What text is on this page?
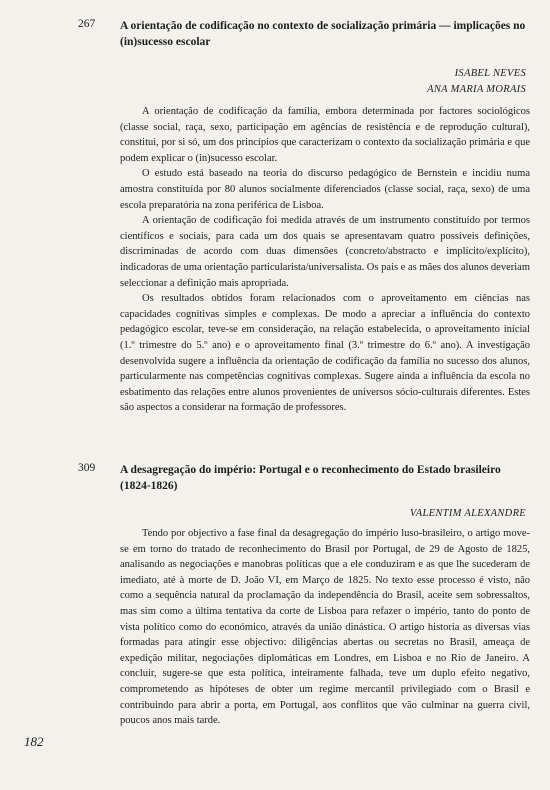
267 A orientação de codificação no contexto de socialização primária — implicações no (in)sucesso escolar
ISABEL NEVES
ANA MARIA MORAIS

A orientação de codificação da família, embora determinada por factores sociológicos (classe social, raça, sexo, participação em agências de resistência e de reprodução cultural), constitui, por si só, um dos princípios que caracterizam o contexto da socialização primária e que podem explicar o (in)sucesso escolar.

O estudo está baseado na teoria do discurso pedagógico de Bernstein e incidiu numa amostra constituída por 80 alunos socialmente diferenciados (classe social, raça, sexo) de uma escola preparatória na zona periférica de Lisboa.

A orientação de codificação foi medida através de um instrumento constituído por termos científicos e sociais, para cada um dos quais se apresentavam quatro possíveis definições, discriminadas de acordo com duas dimensões (concreto/abstracto e implícito/explícito), indicadoras de uma orientação particularista/universalista. Os pais e as mães dos alunos deveriam seleccionar a definição mais apropriada.

Os resultados obtidos foram relacionados com o aproveitamento em ciências nas capacidades cognitivas simples e complexas. De modo a apreciar a influência do contexto pedagógico escolar, teve-se em consideração, na relação estabelecida, o aproveitamento inicial (1.º trimestre do 5.º ano) e o aproveitamento final (3.º trimestre do 6.º ano). A investigação desenvolvida sugere a influência da orientação de codificação da família no sucesso dos alunos, particularmente nas competências cognitivas complexas. Sugere ainda a influência da escola no esbatimento das relações entre alunos provenientes de universos sócio-culturais diferentes. Estes são aspectos a considerar na formação de professores.

309 A desagregação do império: Portugal e o reconhecimento do Estado brasileiro (1824-1826)
VALENTIM ALEXANDRE

Tendo por objectivo a fase final da desagregação do império luso-brasileiro, o artigo move-se em torno do tratado de reconhecimento do Brasil por Portugal, de 29 de Agosto de 1825, analisando as negociações e manobras políticas que a ele conduziram e as que lhe sucederam de imediato, até à morte de D. João VI, em Março de 1825. No texto esse processo é visto, não como a sequência natural da proclamação da independência do Brasil, aceite sem sobressaltos, mas sim como a última tentativa da corte de Lisboa para refazer o império, tanto do ponto de vista político como do económico, através da união dinástica. O artigo historia as diversas vias formadas para atingir esse objectivo: diligências abertas ou secretas no Brasil, ameaça de expedição militar, negociações diplomáticas em Londres, em Lisboa e no Rio de Janeiro. A concluir, sugere-se que esta política, inteiramente falhada, teve um duplo efeito negativo, comprometendo as hipóteses de obter um regime mercantil privilegiado com o Brasil e contribuindo para abrir a porta, em Portugal, aos conflitos que vão culminar na guerra civil, poucos anos mais tarde.

182
